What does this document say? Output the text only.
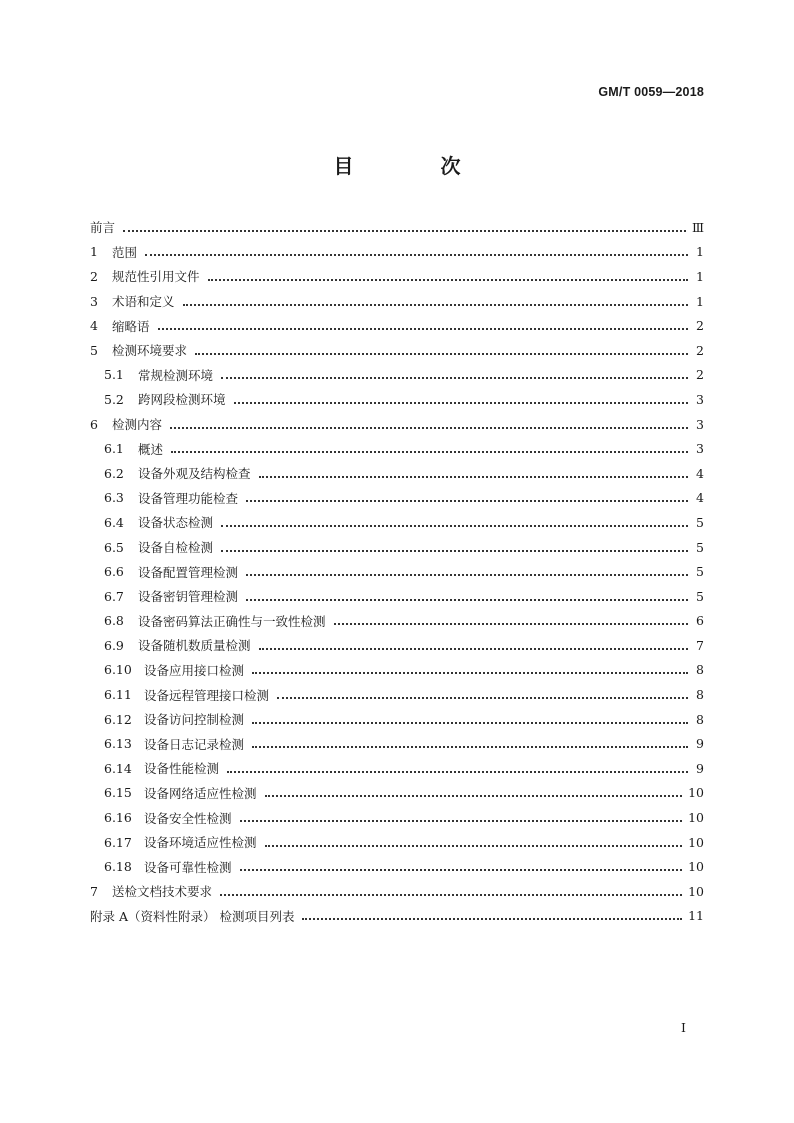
GM/T 0059—2018
目 次
前言	Ⅲ
1	范围	1
2	规范性引用文件	1
3	术语和定义	1
4	缩略语	2
5	检测环境要求	2
5.1	常规检测环境	2
5.2	跨网段检测环境	3
6	检测内容	3
6.1	概述	3
6.2	设备外观及结构检查	4
6.3	设备管理功能检查	4
6.4	设备状态检测	5
6.5	设备自检检测	5
6.6	设备配置管理检测	5
6.7	设备密钥管理检测	5
6.8	设备密码算法正确性与一致性检测	6
6.9	设备随机数质量检测	7
6.10 设备应用接口检测	8
6.11 设备远程管理接口检测	8
6.12 设备访问控制检测	8
6.13 设备日志记录检测	9
6.14 设备性能检测	9
6.15 设备网络适应性检测	10
6.16 设备安全性检测	10
6.17 设备环境适应性检测	10
6.18 设备可靠性检测	10
7	送检文档技术要求	10
附录 A（资料性附录） 检测项目列表	11
I
